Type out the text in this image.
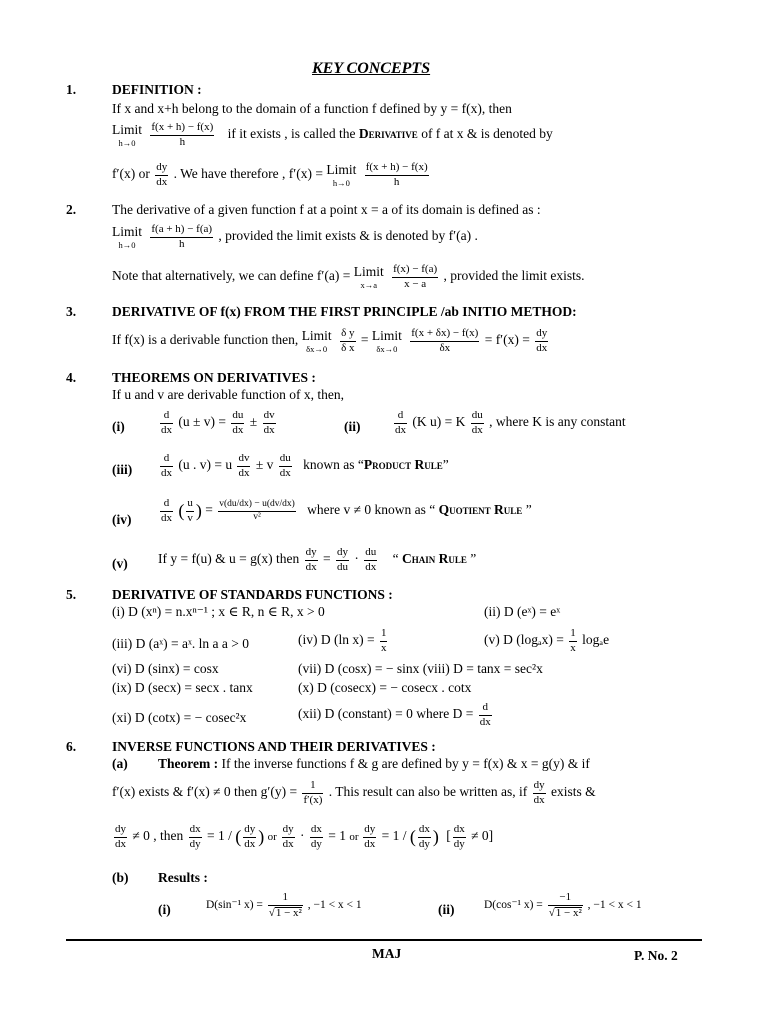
KEY CONCEPTS
1.	DEFINITION :
If x and x+h belong to the domain of a function f defined by y = f(x), then
Limit
h→0
	$\frac{f(x + h) - f(x)}{h}$ if it exists , is called the Derivative of f at x & is denoted by
f′(x) or $\frac{dy}{dx}$ . We have therefore , f′(x) = Limit
h→0
	$\frac{f(x + h) - f(x)}{h}$
2.	The derivative of a given function f at a point x = a of its domain is defined as :
Limit
h→0
	$\frac{f(a + h) - f(a)}{h}$ , provided the limit exists & is denoted by f′(a) .
Note that alternatively, we can define f′(a) = Limit
x→a
	$\frac{f(x) - f(a)}{x - a}$ , provided the limit exists.
3.	DERIVATIVE OF f(x) FROM THE FIRST PRINCIPLE /ab INITIO METHOD:
If f(x) is a derivable function then, Limit
δx→0
	$\frac{\text{δ y}}{\text{δ x}}$ = Limit
δx→0
	$\frac{f(x + \delta x) - f(x)}{\delta x} = f'(x) = \frac{dy}{dx}$
4.	THEOREMS ON DERIVATIVES :
If u and v are derivable function of x, then,
(i)	$\frac{d}{dx} (u \pm v) = \frac{du}{dx} \pm \frac{dv}{dx}$	(ii)	$\frac{d}{dx} (K$ u) = K $\frac{du}{dx}$ , where K is any constant
(iii)	$\frac{d}{dx} (u$ . v) = u $\frac{dv}{dx} \pm v \frac{du}{dx}$ known as “Product Rule”
(iv)	$\frac{d}{dx}$ ( $\frac{u}{v}$ ) = $\frac{v(du/dx) - u(dv/dx)}{\text{v²}}$ where v ≠ 0 known as “ Quotient Rule ”
(v) If y = f(u) & u = g(x) then $\frac{dy}{dx} = \frac{dy}{du} \cdot \frac{du}{dx}$ “ Chain Rule ”
5.	DERIVATIVE OF STANDARDS FUNCTIONS :
(i) D (xⁿ) = n.xⁿ⁻¹ ; x ∈ R, n ∈ R, x > 0	(ii) D (eˣ) = eˣ
(iii) D (aˣ) = aˣ. ln a a > 0	(iv) D (ln $x) = \frac{1}{x}$	(v) D $(\log_ax) = \frac{1}{x}$ logₐe
(vi) D (sinx) = cosx	(vii) D (cosx) = − sinx (viii) D = tanx = sec²x
(ix) D (secx) = secx . tanx	(x) D (cosecx) = − cosecx . cotx
(xi) D (cotx) = − cosec²x	(xii) D (constant) = 0 where $D = \frac{d}{dx}$
6.	INVERSE FUNCTIONS AND THEIR DERIVATIVES :
(a) Theorem : If the inverse functions f & g are defined by y = f(x) & x = g(y) & if
f′(x) exists & f′(x) ≠ 0 then $g'(y) = \frac{1}{f'(x)}$ . This result can also be written as, if $\frac{dy}{dx}$ exists &
$\frac{dy}{dx} \ne 0$ , then $\frac{dx}{dy} = 1$ / ( $\frac{dy}{dx}$ ) or $\frac{dy}{dx} \cdot \frac{dx}{dy} = 1$ or $\frac{dy}{dx} = 1$ / ( $\frac{dx}{dy}$ ) [ $\frac{dx}{dy} \ne 0$]
(b) Results :
(i)	D(sin⁻¹ $x) = \frac{1}{\text{√1 − x²}}$ , −1 < x < 1	(ii)	D(cos⁻¹ $x) = \frac{-1}{\text{√1 − x²}}$ , −1 < x < 1
MAJ	P. No. 2
